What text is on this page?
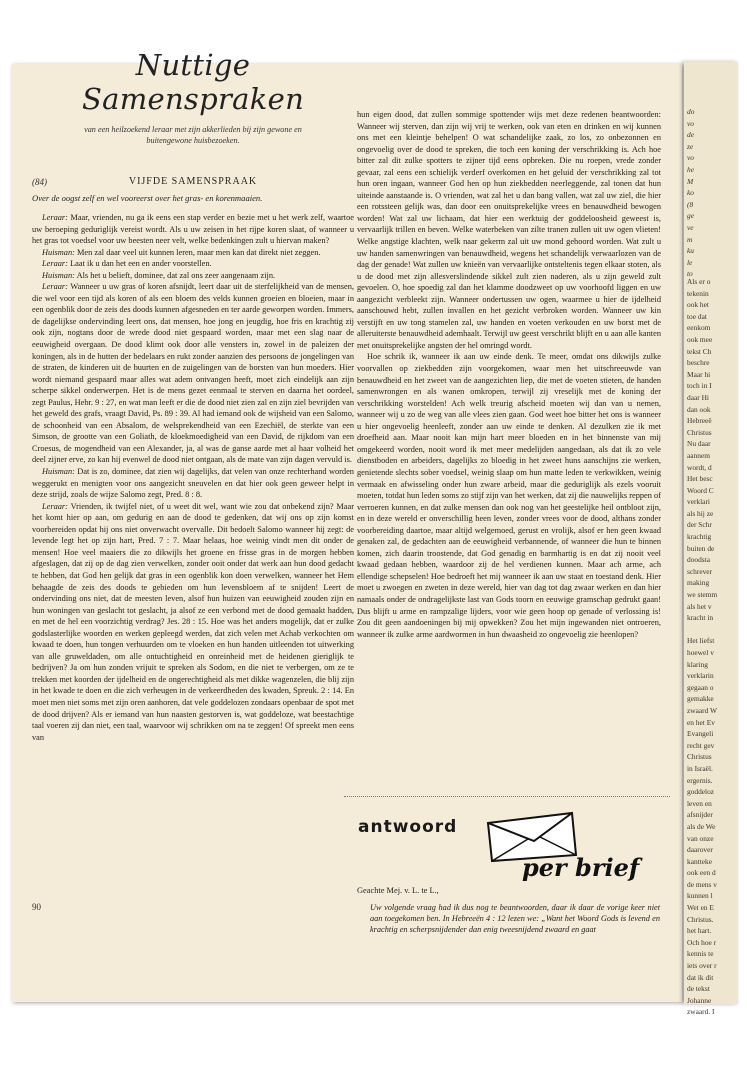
do
vo
de
ze
vo
he
M
ko
(8
ge
ve
m
ku
le
to
Als er o
tekenin
ook het
toe dat
eenkom
ook mee
tekst Ch
beschre
Maar hi
toch in I
daar Hi
dan ook
Hebreeë
Christus
Nu daar
aannem
wordt, d
Het besc
Woord C
verklari
als hij ze
der Schr
krachtig
buiten de
doodsta
schrever
making
we stemm
als het v
kracht in

Het liefst
hoewel v
klaring
verklarin
gegaan o
gemakke
zwaard W
en het Ev
Evangeli
recht gev
Christus
in Israël.
ergernis.
goddeloz
leven en
afsnijder
als de We
van onze
daarover
kantteke
ook een d
de mens v
kunnen l
Wet en E
Christus.
het hart.
Och hoe r
kennis te
iets over r
dat ik dit
de tekst
Johanne
zwaard. I
Nuttige Samenspraken
van een heilzoekend leraar met zijn akkerlieden bij zijn gewone en buitengewone huisbezoeken.
(84)	VIJFDE SAMENSPRAAK
Over de oogst zelf en wel vooreerst over het gras- en korenmaaien.

Leraar: Maar, vrienden, nu ga ik eens een stap verder en bezie met u het werk zelf, waartoe uw beroeping geduriglijk vereist wordt. Als u uw zeisen in het rijpe koren slaat, of wanneer u het gras tot voedsel voor uw beesten neer velt, welke bedenkingen zult u hiervan maken?

Huisman: Men zal daar veel uit kunnen leren, maar men kan dat direkt niet zeggen.

Leraar: Laat ik u dan het een en ander voorstellen.

Huisman: Als het u belieft, dominee, dat zal ons zeer aangenaam zijn.

Leraar: Wanneer u uw gras of koren afsnijdt, leert daar uit de sterfelijkheid van de mensen, die wel voor een tijd als koren of als een bloem des velds kunnen groeien en bloeien, maar in een ogenblik door de zeis des doods kunnen afgesneden en ter aarde geworpen worden. Immers, de dagelijkse ondervinding leert ons, dat mensen, hoe jong en jeugdig, hoe fris en krachtig zij ook zijn, nogtans door de wrede dood niet gespaard worden, maar met een slag naar de eeuwigheid overgaan. De dood klimt ook door alle vensters in, zowel in de paleizen der koningen, als in de hutten der bedelaars en rukt zonder aanzien des persoons de jongelingen van de straten, de kinderen uit de buurten en de zuigelingen van de borsten van hun moeders. Hier wordt niemand gespaard maar alles wat adem ontvangen heeft, moet zich eindelijk aan zijn scherpe sikkel onderwerpen. Het is de mens gezet eenmaal te sterven en daarna het oordeel, zegt Paulus, Hebr. 9 : 27, en wat man leeft er die de dood niet zien zal en zijn ziel bevrijden van het geweld des grafs, vraagt David, Ps. 89 : 39. Al had iemand ook de wijsheid van een Salomo, de schoonheid van een Absalom, de welsprekendheid van een Ezechiël, de sterkte van een Simson, de grootte van een Goliath, de kloekmoedigheid van een David, de rijkdom van een Croesus, de mogendheid van een Alexander, ja, al was de ganse aarde met al haar volheid het deel zijner erve, zo kan hij evenwel de dood niet ontgaan, als de mate van zijn dagen vervuld is.

Huisman: Dat is zo, dominee, dat zien wij dagelijks, dat velen van onze rechterhand worden weggerukt en menigten voor ons aangezicht sneuvelen en dat hier ook geen geweer helpt in deze strijd, zoals de wijze Salomo zegt, Pred. 8 : 8.

Leraar: Vrienden, ik twijfel niet, of u weet dit wel, want wie zou dat onbekend zijn? Maar het komt hier op aan, om gedurig en aan de dood te gedenken, dat wij ons op zijn komst voorbereiden opdat hij ons niet onverwacht overvalle. Dit bedoelt Salomo wanneer hij zegt: de levende legt het op zijn hart, Pred. 7 : 7. Maar helaas, hoe weinig vindt men dit onder de mensen! Hoe veel maaiers die zo dikwijls het groene en frisse gras in de morgen hebben afgeslagen, dat zij op de dag zien verwelken, zonder ooit onder dat werk aan hun dood gedacht te hebben, dat God hen gelijk dat gras in een ogenblik kon doen verwelken, wanneer het Hem behaagde de zeis des doods te gebieden om hun levensbloem af te snijden! Leert de ondervinding ons niet, dat de meesten leven, alsof hun huizen van eeuwigheid zouden zijn en hun woningen van geslacht tot geslacht, ja alsof ze een verbond met de dood gemaakt hadden, en met de hel een voorzichtig verdrag? Jes. 28 : 15. Hoe was het anders mogelijk, dat er zulke godslasterlijke woorden en werken gepleegd werden, dat zich velen met Achab verkochten om kwaad te doen, hun tongen verhuurden om te vloeken en hun handen uitleenden tot uitwerking van alle gruweldaden, om alle ontuchtigheid en onreinheid met de heidenen gieriglijk te bedrijven? Ja om hun zonden vrijuit te spreken als Sodom, en die niet te verbergen, om ze te trekken met koorden der ijdelheid en de ongerechtigheid als met dikke wagenzelen, die blij zijn in het kwade te doen en die zich verheugen in de verkeerdheden des kwaden, Spreuk. 2 : 14. En moet men niet soms met zijn oren aanhoren, dat vele goddelozen zondaars openbaar de spot met de dood drijven? Als er iemand van hun naasten gestorven is, wat goddeloze, wat beestachtige taal voeren zij dan niet, een taal, waarvoor wij schrikken om na te zeggen! Of spreekt men eens van

hun eigen dood, dat zullen sommige spottender wijs met deze redenen beantwoorden: Wanneer wij sterven, dan zijn wij vrij te werken, ook van eten en drinken en wij kunnen ons met een kleintje behelpen! O wat schandelijke zaak, zo los, zo onbezonnen en ongevoelig over de dood te spreken, die toch een koning der verschrikking is. Ach hoe bitter zal dit zulke spotters te zijner tijd eens opbreken. Die nu roepen, vrede zonder gevaar, zal eens een schielijk verderf overkomen en het geluid der verschrikking zal tot hun oren ingaan, wanneer God hen op hun ziekbedden neerleggende, zal tonen dat hun uiteinde aanstaande is. O vrienden, wat zal het u dan bang vallen, wat zal uw ziel, die hier een rotssteen gelijk was, dan door een onuitsprekelijke vrees en benauwdheid bewogen worden! Wat zal uw lichaam, dat hier een werktuig der goddeloosheid geweest is, vervaarlijk trillen en beven. Welke waterbeken van zilte tranen zullen uit uw ogen vlieten! Welke angstige klachten, welk naar gekerm zal uit uw mond gehoord worden. Wat zult u uw handen samenwringen van benauwdheid, wegens het schandelijk verwaarlozen van de dag der genade! Wat zullen uw knieën van vervaarlijke ontsteltenis tegen elkaar stoten, als u de dood met zijn allesverslindende sikkel zult zien naderen, als u zijn geweld zult gevoelen. O, hoe spoedig zal dan het klamme doodzweet op uw voorhoofd liggen en uw aangezicht verbleekt zijn. Wanneer ondertussen uw ogen, waarmee u hier de ijdelheid aanschouwd hebt, zullen invallen en het gezicht verbroken worden. Wanneer uw kin verstijft en uw tong stamelen zal, uw handen en voeten verkouden en uw borst met de alleruiterste benauwdheid ademhaalt. Terwijl uw geest verschrikt blijft en u aan alle kanten met onuitsprekelijke angsten der hel omringd wordt.

Hoe schrik ik, wanneer ik aan uw einde denk. Te meer, omdat ons dikwijls zulke voorvallen op ziekbedden zijn voorgekomen, waar men het uitschreeuwde van benauwdheid en het zweet van de aangezichten liep, die met de voeten stieten, de handen samenwrongen en als wanen omkropen, terwijl zij vreselijk met de koning der verschrikking worstelden! Ach welk treurig afscheid moeten wij dan van u nemen, wanneer wij u zo de weg van alle vlees zien gaan. God weet hoe bitter het ons is wanneer u hier ongevoelig heenleeft, zonder aan uw einde te denken. Al dezulken zie ik met droefheid aan. Maar nooit kan mijn hart meer bloeden en in het binnenste van mij omgekeerd worden, nooit word ik met meer medelijden aangedaan, als dat ik zo vele dienstboden en arbeiders, dagelijks zo bloedig in het zweet huns aanschijns zie werken, genietende slechts sober voedsel, weinig slaap om hun matte leden te verkwikken, weinig vermaak en afwisseling onder hun zware arbeid, maar die geduriglijk als ezels vooruit moeten, totdat hun leden soms zo stijf zijn van het werken, dat zij die nauwelijks reppen of verroeren kunnen, en dat zulke mensen dan ook nog van het geestelijke heil ontbloot zijn, en in deze wereld er onverschillig heen leven, zonder vrees voor de dood, althans zonder voorbereiding daartoe, maar altijd welgemoed, gerust en vrolijk, alsof er hen geen kwaad genaken zal, de gedachten aan de eeuwigheid verbannende, of wanneer die hun te binnen komen, zich daarin troostende, dat God genadig en barmhartig is en dat zij nooit veel kwaad gedaan hebben, waardoor zij de hel verdienen kunnen. Maar ach arme, ach ellendige schepselen! Hoe bedroeft het mij wanneer ik aan uw staat en toestand denk. Hier moet u zwoegen en zweten in deze wereld, hier van dag tot dag zwaar werken en dan hier namaals onder de ondragelijkste last van Gods toorn en eeuwige gramschap gedrukt gaan! Dus blijft u arme en rampzalige lijders, voor wie geen hoop op genade of verlossing is! Zou dit geen aandoeningen bij mij opwekken? Zou het mijn ingewanden niet ontroeren, wanneer ik zulke arme aardwormen in hun dwaasheid zo ongevoelig zie heenlopen?

antwoord
per brief
Geachte Mej. v. L. te L.,
Uw volgende vraag had ik dus nog te beantwoorden, daar ik daar de vorige keer niet aan toegekomen ben. In Hebreeën 4 : 12 lezen we: „Want het Woord Gods is levend en krachtig en scherpsnijdender dan enig tweesnijdend zwaard en gaat
90
